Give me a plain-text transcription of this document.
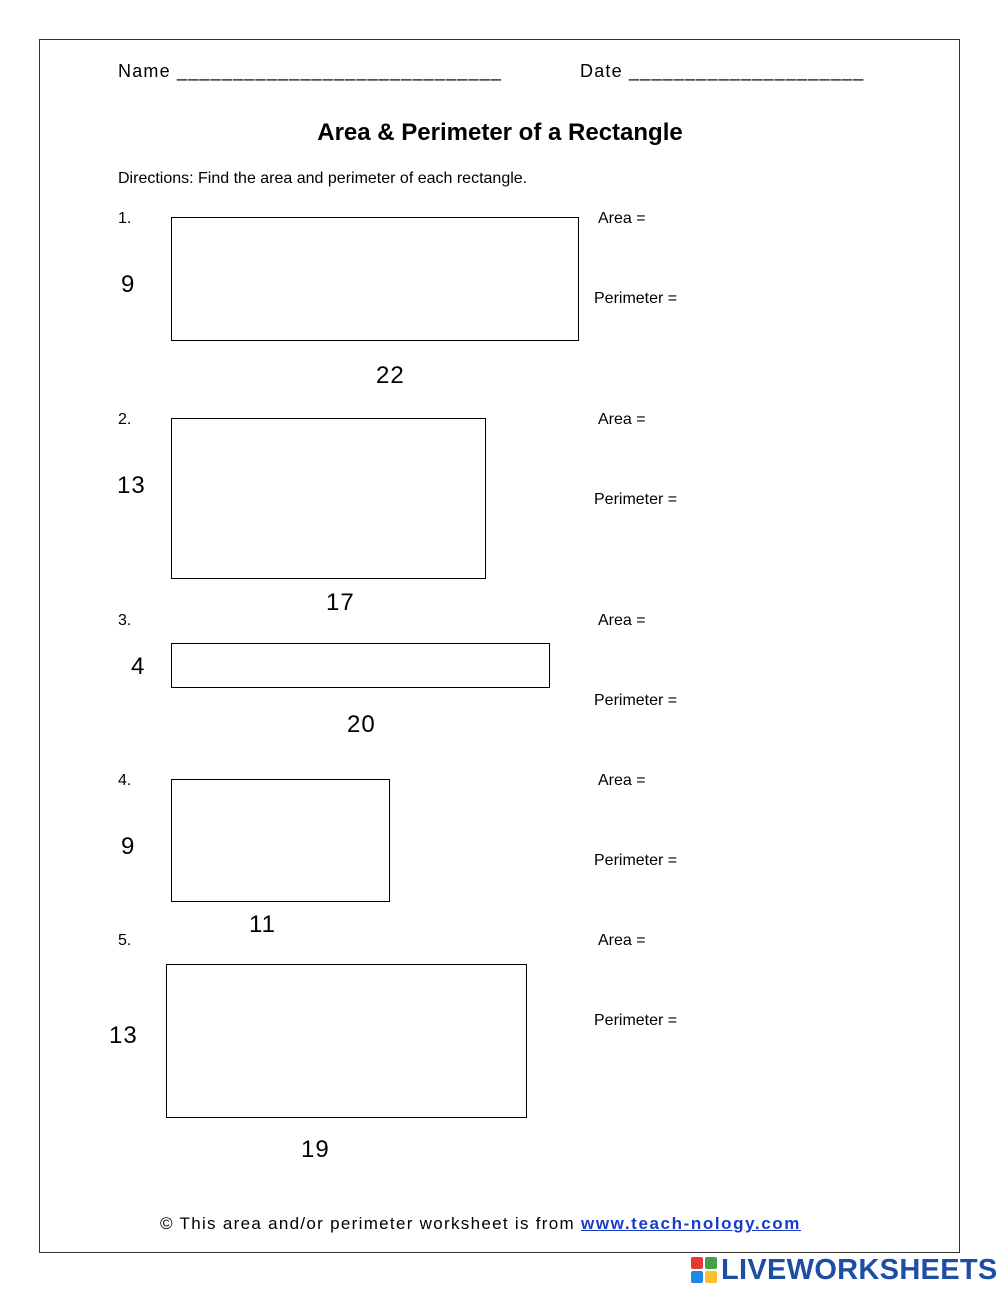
Name _____________________________	Date _____________________
Area & Perimeter of a Rectangle
Directions: Find the area and perimeter of each rectangle.
1.
9
22
Area =
Perimeter =
2.
13
17
Area =
Perimeter =
3.
4
20
Area =
Perimeter =
4.
9
11
Area =
Perimeter =
5.
13
19
Area =
Perimeter =
© This area and/or perimeter worksheet is from www.teach-nology.com
LIVEWORKSHEETS
